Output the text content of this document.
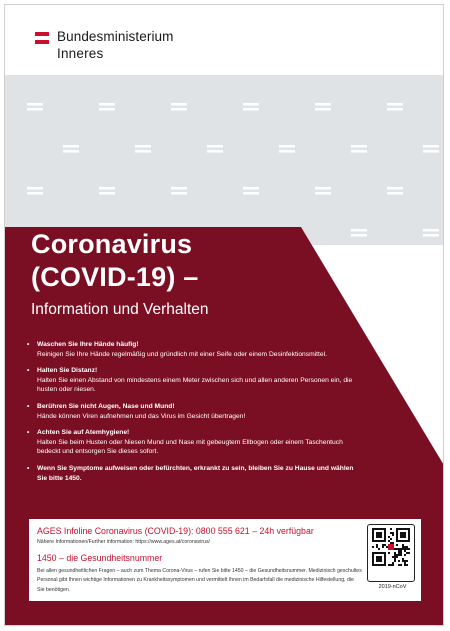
Bundesministerium
Inneres
Coronavirus
(COVID-19) –
Information und Verhalten
• Waschen Sie Ihre Hände häufig!
Reinigen Sie Ihre Hände regelmäßig und gründlich mit einer Seife oder einem Desinfektionsmittel.
• Halten Sie Distanz!
Halten Sie einen Abstand von mindestens einem Meter zwischen sich und allen anderen Personen ein, die husten oder niesen.
• Berühren Sie nicht Augen, Nase und Mund!
Hände können Viren aufnehmen und das Virus im Gesicht übertragen!
• Achten Sie auf Atemhygiene!
Halten Sie beim Husten oder Niesen Mund und Nase mit gebeugtem Ellbogen oder einem Taschentuch bedeckt und entsorgen Sie dieses sofort.
• Wenn Sie Symptome aufweisen oder befürchten, erkrankt zu sein, bleiben Sie zu Hause und wählen Sie bitte 1450.
AGES Infoline Coronavirus (COVID-19): 0800 555 621 – 24h verfügbar
Nähere Informationen/Further information: https://www.ages.at/coronavirus/
1450 – die Gesundheitsnummer
Bei allen gesundheitlichen Fragen – auch zum Thema Corona-Virus – rufen Sie bitte 1450 – die Gesundheitsnummer. Medizinisch geschultes Personal gibt Ihnen wichtige Informationen zu Krankheitssymptomen und vermittelt Ihnen im Bedarfsfall die medizinische Hilfestellung, die Sie benötigen.	2019-nCoV
